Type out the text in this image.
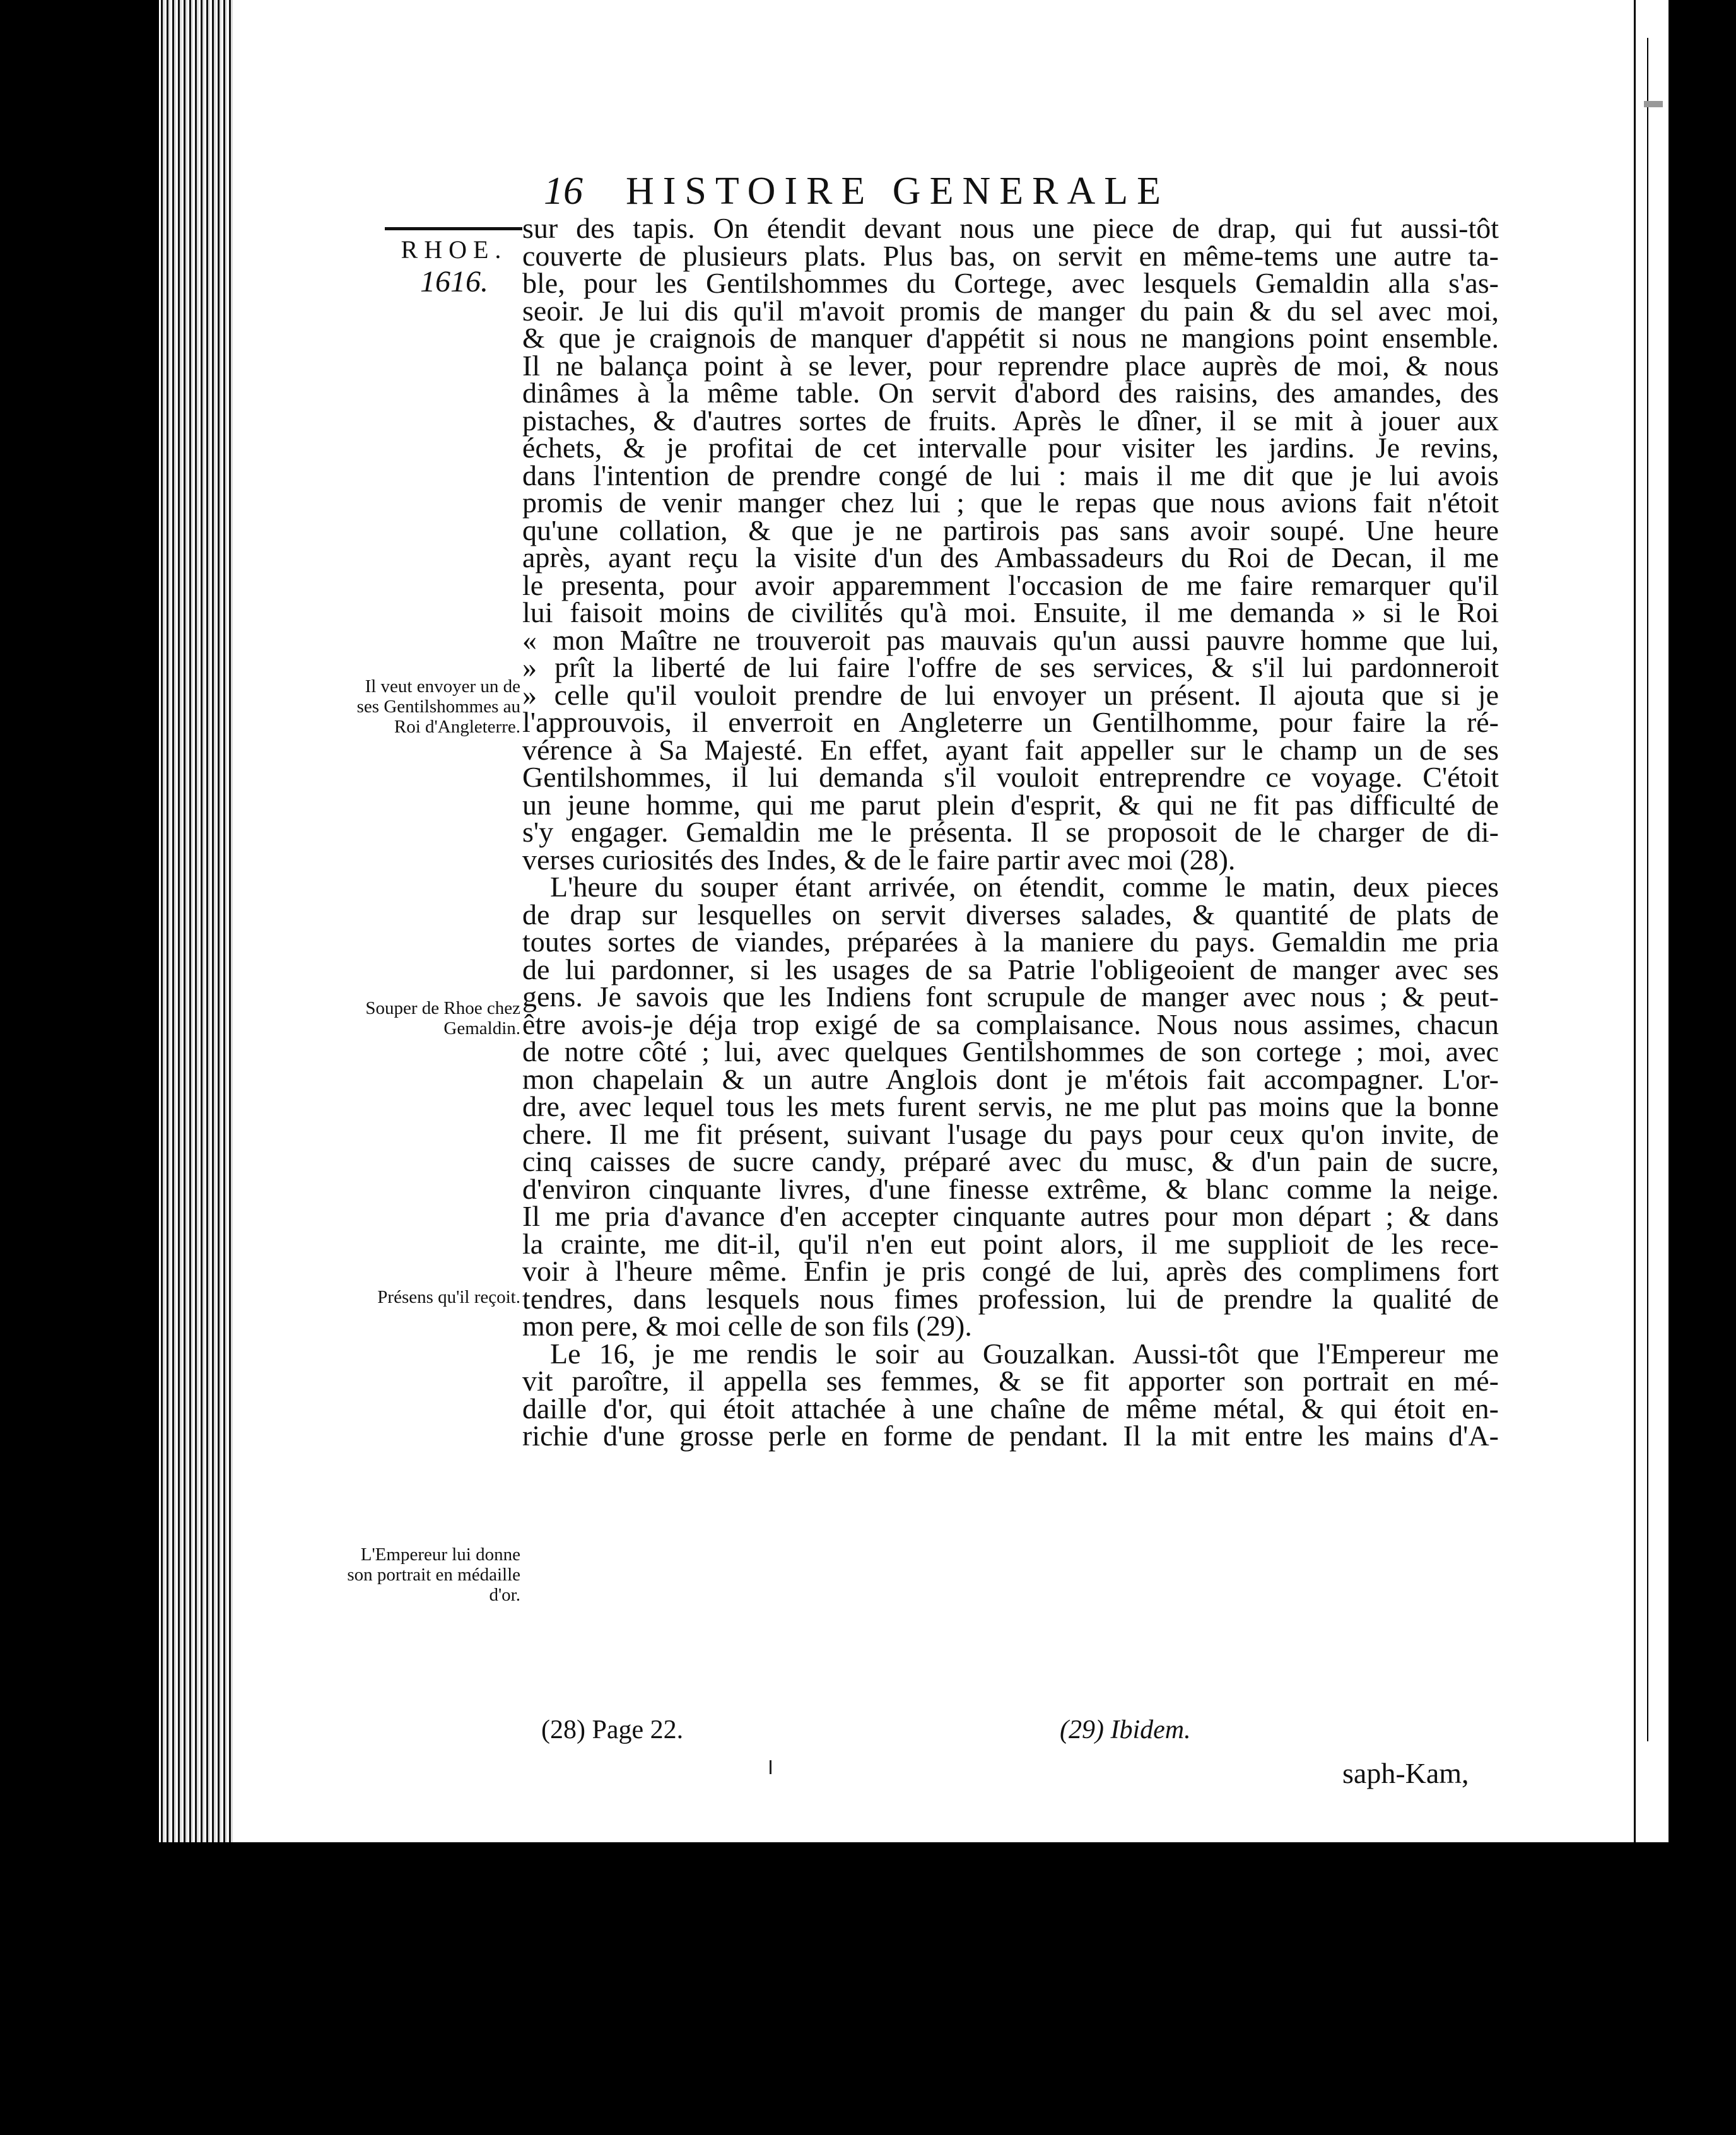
16 HISTOIRE GENERALE
RHOE.
1616.
Il veut envoyer un de ses Gentilshommes au Roi d'Angleterre.
Souper de Rhoe chez Gemaldin.
Présens qu'il reçoit.
L'Empereur lui donne son portrait en médaille d'or.
sur des tapis. On étendit devant nous une piece de drap, qui fut aussi-tôt
couverte de plusieurs plats. Plus bas, on servit en même-tems une autre ta-
ble, pour les Gentilshommes du Cortege, avec lesquels Gemaldin alla s'as-
seoir. Je lui dis qu'il m'avoit promis de manger du pain & du sel avec moi,
& que je craignois de manquer d'appétit si nous ne mangions point ensemble.
Il ne balança point à se lever, pour reprendre place auprès de moi, & nous
dinâmes à la même table. On servit d'abord des raisins, des amandes, des
pistaches, & d'autres sortes de fruits. Après le dîner, il se mit à jouer aux
échets, & je profitai de cet intervalle pour visiter les jardins. Je revins,
dans l'intention de prendre congé de lui : mais il me dit que je lui avois
promis de venir manger chez lui ; que le repas que nous avions fait n'étoit
qu'une collation, & que je ne partirois pas sans avoir soupé. Une heure
après, ayant reçu la visite d'un des Ambassadeurs du Roi de Decan, il me
le presenta, pour avoir apparemment l'occasion de me faire remarquer qu'il
lui faisoit moins de civilités qu'à moi. Ensuite, il me demanda » si le Roi
« mon Maître ne trouveroit pas mauvais qu'un aussi pauvre homme que lui,
» prît la liberté de lui faire l'offre de ses services, & s'il lui pardonneroit
» celle qu'il vouloit prendre de lui envoyer un présent. Il ajouta que si je
l'approuvois, il enverroit en Angleterre un Gentilhomme, pour faire la ré-
vérence à Sa Majesté. En effet, ayant fait appeller sur le champ un de ses
Gentilshommes, il lui demanda s'il vouloit entreprendre ce voyage. C'étoit
un jeune homme, qui me parut plein d'esprit, & qui ne fit pas difficulté de
s'y engager. Gemaldin me le présenta. Il se proposoit de le charger de di-
verses curiosités des Indes, & de le faire partir avec moi (28).
L'heure du souper étant arrivée, on étendit, comme le matin, deux pieces
de drap sur lesquelles on servit diverses salades, & quantité de plats de
toutes sortes de viandes, préparées à la maniere du pays. Gemaldin me pria
de lui pardonner, si les usages de sa Patrie l'obligeoient de manger avec ses
gens. Je savois que les Indiens font scrupule de manger avec nous ; & peut-
être avois-je déja trop exigé de sa complaisance. Nous nous assimes, chacun
de notre côté ; lui, avec quelques Gentilshommes de son cortege ; moi, avec
mon chapelain & un autre Anglois dont je m'étois fait accompagner. L'or-
dre, avec lequel tous les mets furent servis, ne me plut pas moins que la bonne
chere. Il me fit présent, suivant l'usage du pays pour ceux qu'on invite, de
cinq caisses de sucre candy, préparé avec du musc, & d'un pain de sucre,
d'environ cinquante livres, d'une finesse extrême, & blanc comme la neige.
Il me pria d'avance d'en accepter cinquante autres pour mon départ ; & dans
la crainte, me dit-il, qu'il n'en eut point alors, il me supplioit de les rece-
voir à l'heure même. Enfin je pris congé de lui, après des complimens fort
tendres, dans lesquels nous fimes profession, lui de prendre la qualité de
mon pere, & moi celle de son fils (29).
Le 16, je me rendis le soir au Gouzalkan. Aussi-tôt que l'Empereur me
vit paroître, il appella ses femmes, & se fit apporter son portrait en mé-
daille d'or, qui étoit attachée à une chaîne de même métal, & qui étoit en-
richie d'une grosse perle en forme de pendant. Il la mit entre les mains d'A-
(28) Page 22.	(29) Ibidem.
saph-Kam,
